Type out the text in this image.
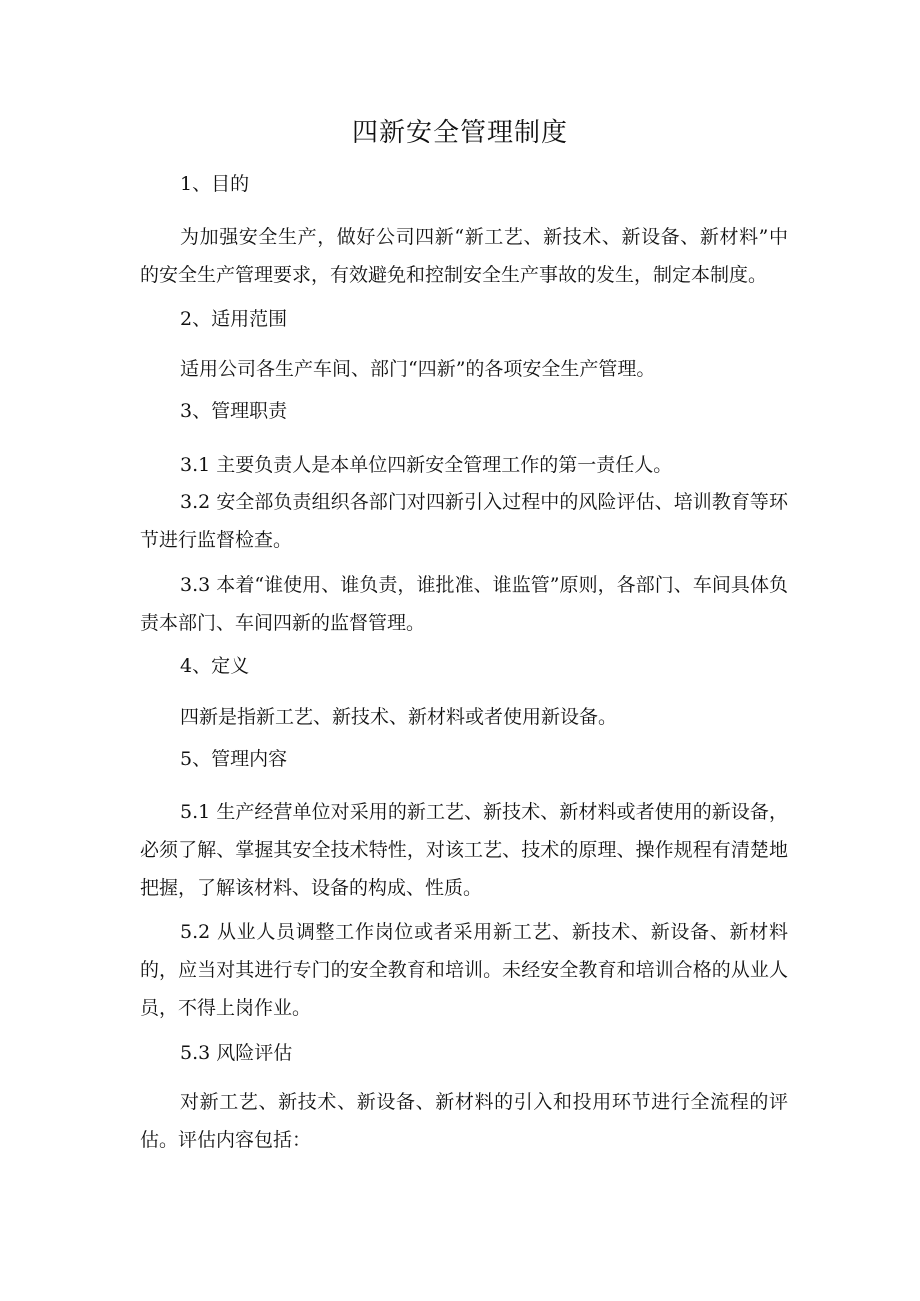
四新安全管理制度
1、目的
为加强安全生产，做好公司四新“新工艺、新技术、新设备、新材料”中的安全生产管理要求，有效避免和控制安全生产事故的发生，制定本制度。
2、适用范围
适用公司各生产车间、部门“四新”的各项安全生产管理。
3、管理职责
3.1 主要负责人是本单位四新安全管理工作的第一责任人。
3.2 安全部负责组织各部门对四新引入过程中的风险评估、培训教育等环节进行监督检查。
3.3 本着“谁使用、谁负责，谁批准、谁监管”原则，各部门、车间具体负责本部门、车间四新的监督管理。
4、定义
四新是指新工艺、新技术、新材料或者使用新设备。
5、管理内容
5.1 生产经营单位对采用的新工艺、新技术、新材料或者使用的新设备，必须了解、掌握其安全技术特性，对该工艺、技术的原理、操作规程有清楚地把握，了解该材料、设备的构成、性质。
5.2 从业人员调整工作岗位或者采用新工艺、新技术、新设备、新材料的，应当对其进行专门的安全教育和培训。未经安全教育和培训合格的从业人员，不得上岗作业。
5.3 风险评估
对新工艺、新技术、新设备、新材料的引入和投用环节进行全流程的评估。评估内容包括：
